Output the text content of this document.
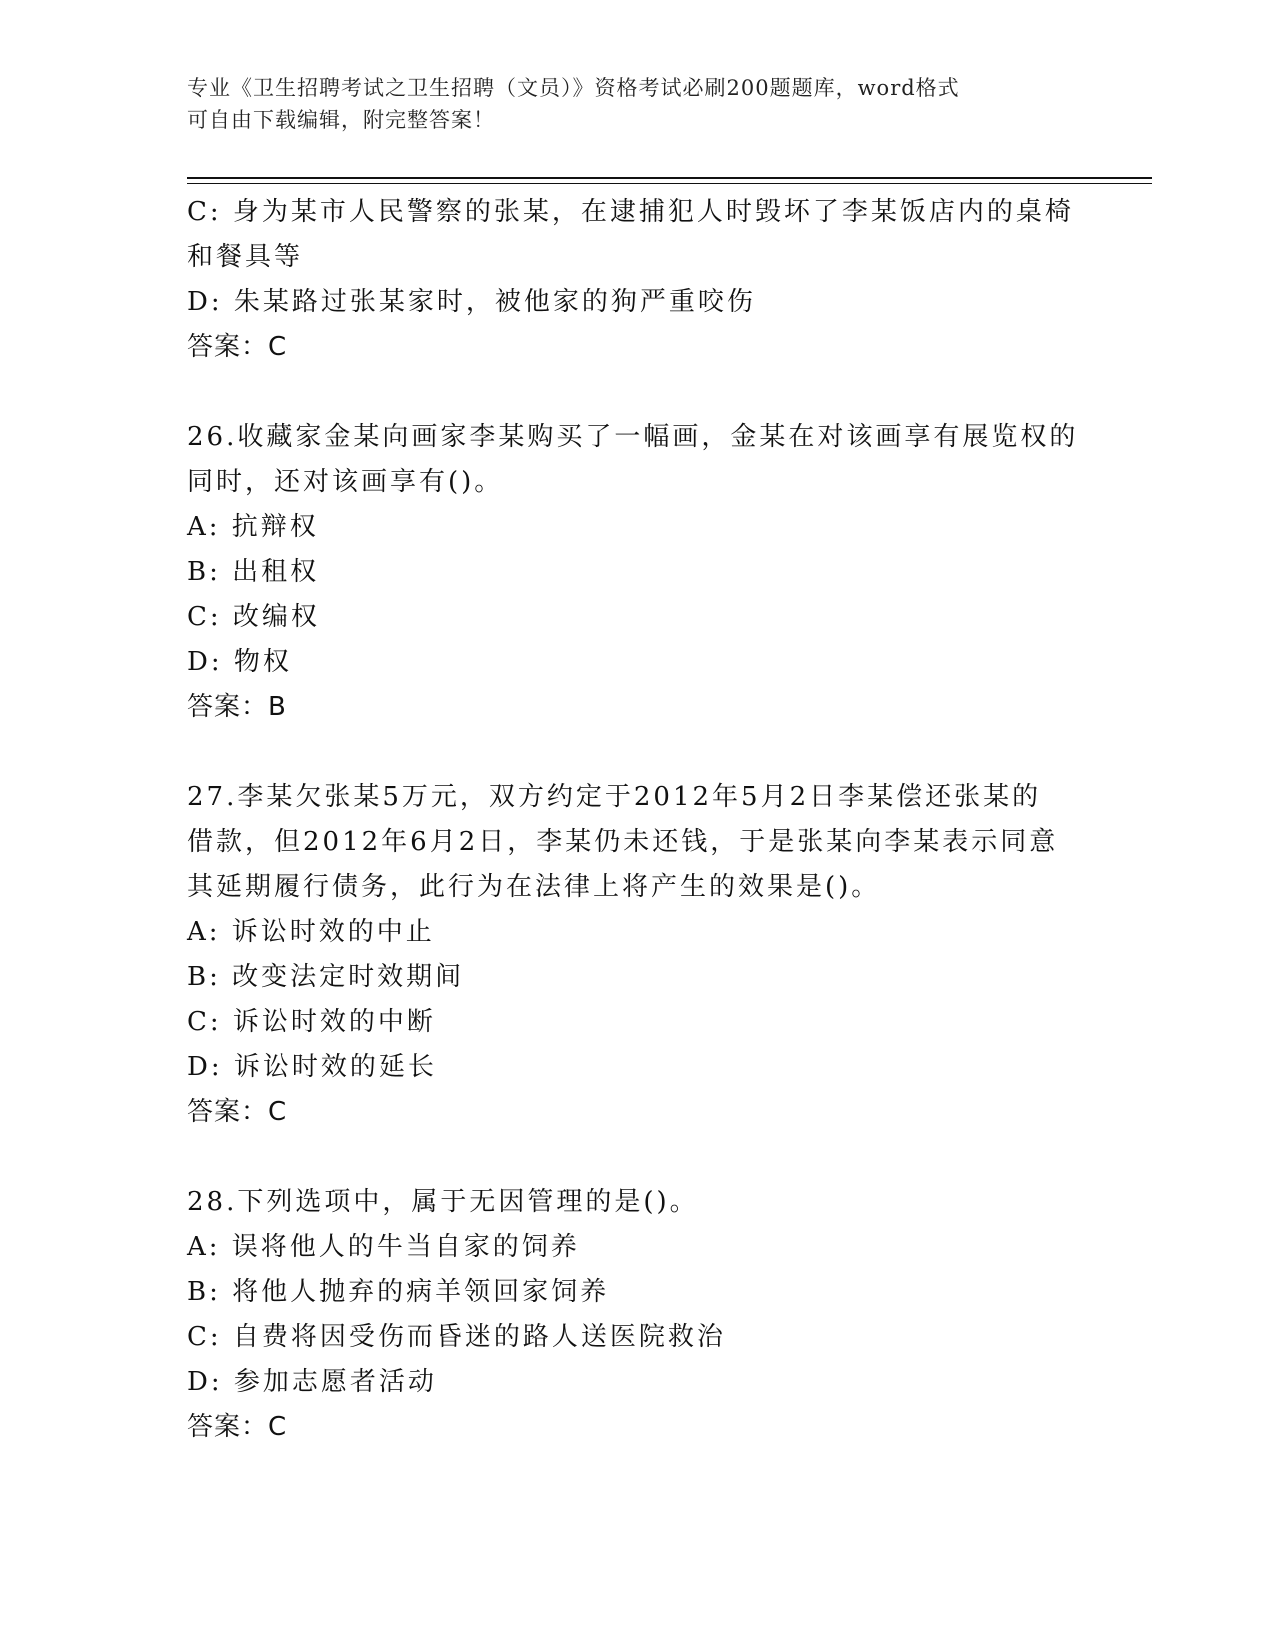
专业《卫生招聘考试之卫生招聘（文员）》资格考试必刷200题题库，word格式
可自由下载编辑，附完整答案！
C: 身为某市人民警察的张某，在逮捕犯人时毁坏了李某饭店内的桌椅
和餐具等
D: 朱某路过张某家时，被他家的狗严重咬伤
答案：C
26.收藏家金某向画家李某购买了一幅画，金某在对该画享有展览权的
同时，还对该画享有()。
A: 抗辩权
B: 出租权
C: 改编权
D: 物权
答案：B
27.李某欠张某5万元，双方约定于2012年5月2日李某偿还张某的
借款，但2012年6月2日，李某仍未还钱，于是张某向李某表示同意
其延期履行债务，此行为在法律上将产生的效果是()。
A: 诉讼时效的中止
B: 改变法定时效期间
C: 诉讼时效的中断
D: 诉讼时效的延长
答案：C
28.下列选项中，属于无因管理的是()。
A: 误将他人的牛当自家的饲养
B: 将他人抛弃的病羊领回家饲养
C: 自费将因受伤而昏迷的路人送医院救治
D: 参加志愿者活动
答案：C
